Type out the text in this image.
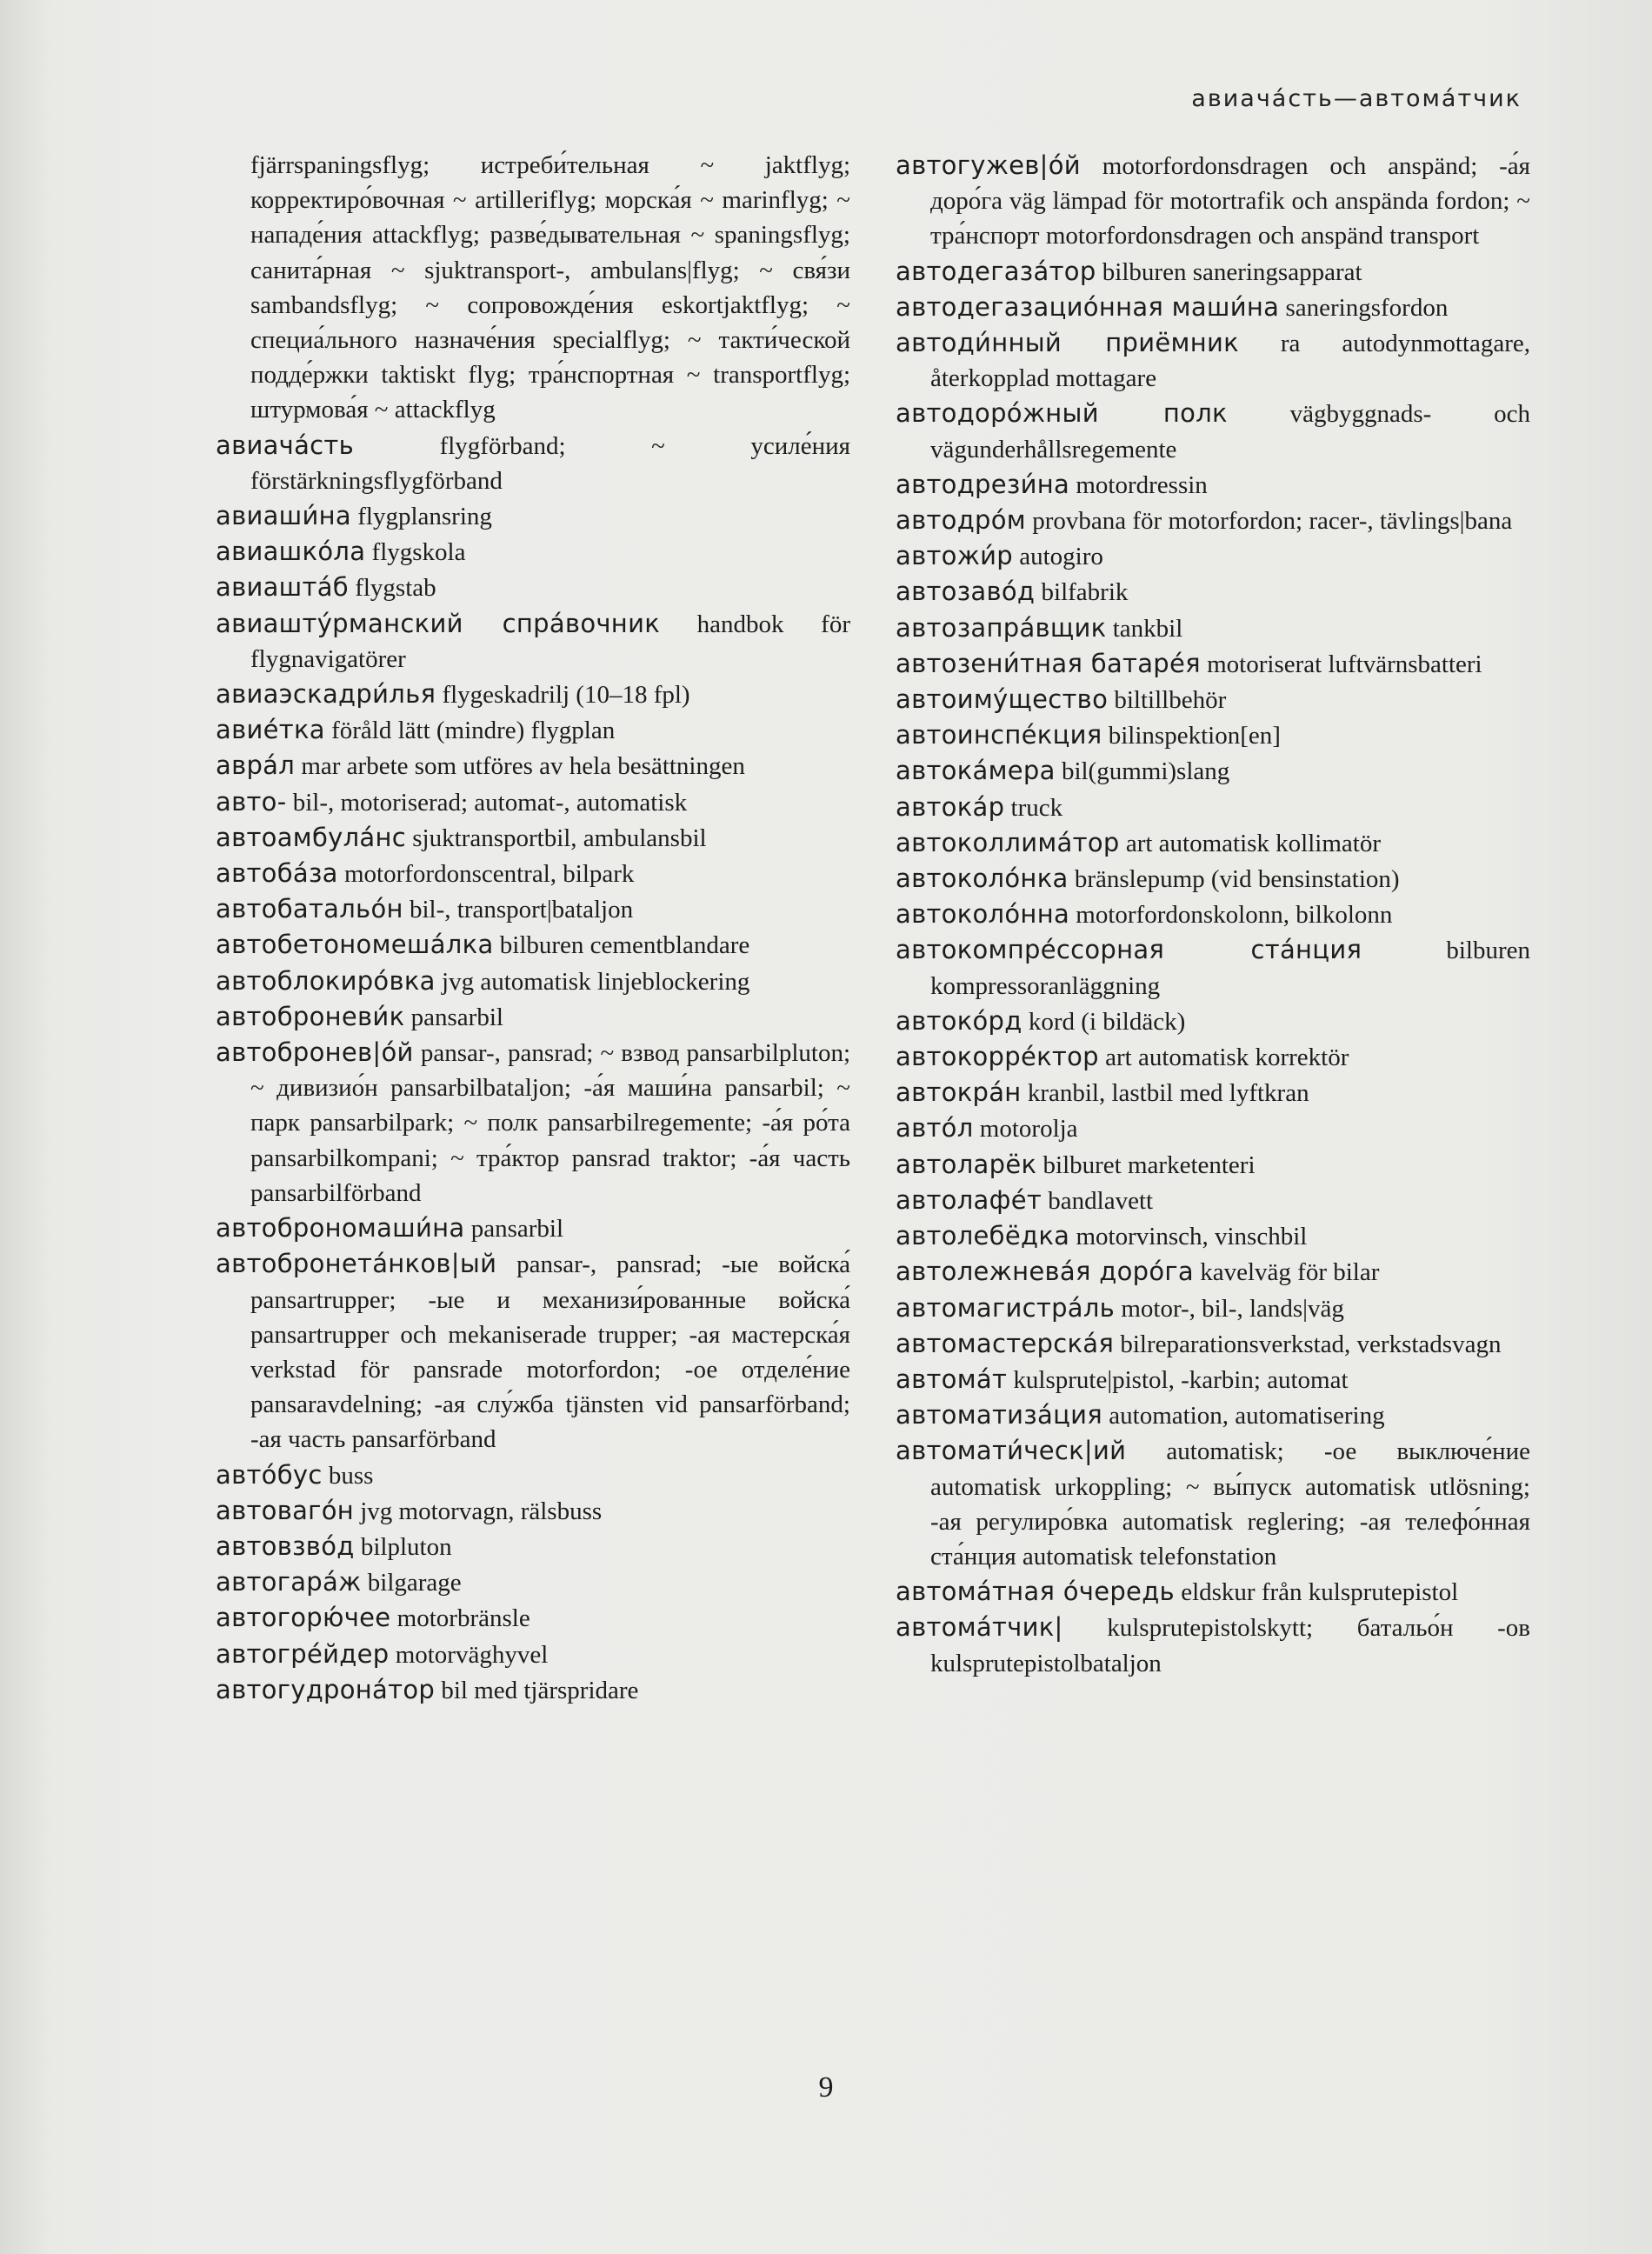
авиачáсть—автомáтчик

fjärrspaningsflyg; истреби́тельная ~ jaktflyg; корректиро́вочная ~ artilleriflyg; морска́я ~ marinflyg; ~ нападе́ния attackflyg; разве́дывательная ~ spaningsflyg; санита́рная ~ sjuktransport-, ambulans|flyg; ~ свя́зи sambandsflyg; ~ сопровожде́ния eskortjaktflyg; ~ специа́льного назначе́ния specialflyg; ~ такти́ческой подде́ржки taktiskt flyg; тра́нспортная ~ transportflyg; штурмова́я ~ attackflyg

авиача́сть flygförband; ~ усиле́ния förstärkningsflygförband

авиаши́на flygplansring

авиашко́ла flygskola

авиашта́б flygstab

авиашту́рманский спра́вочник handbok för flygnavigatörer

авиаэскадри́лья flygeskadrilj (10–18 fpl)

авие́тка föråld lätt (mindre) flygplan

авра́л mar arbete som utföres av hela besättningen

авто- bil-, motoriserad; automat-, automatisk

автоамбула́нс sjuktransportbil, ambulansbil

автоба́за motorfordonscentral, bilpark

автобатальо́н bil-, transport|bataljon

автобетономеша́лка bilburen cementblandare

автоблокиро́вка jvg automatisk linjeblockering

автоброневи́к pansarbil

автобронев|о́й pansar-, pansrad; ~ взвод pansarbilpluton; ~ дивизио́н pansarbilbataljon; -а́я маши́на pansarbil; ~ парк pansarbilpark; ~ полк pansarbilregemente; -а́я ро́та pansarbilkompani; ~ тра́ктор pansrad traktor; -а́я часть pansarbilförband

автоброномаши́на pansarbil

автобронета́нков|ый pansar-, pansrad; -ые войска́ pansartrupper; -ые и механизи́рованные войска́ pansartrupper och mekaniserade trupper; -ая мастерска́я verkstad för pansrade motorfordon; -ое отделе́ние pansaravdelning; -ая слу́жба tjänsten vid pansarförband; -ая часть pansarförband

авто́бус buss

автоваго́н jvg motorvagn, rälsbuss

автовзво́д bilpluton

автогара́ж bilgarage

автогорю́чее motorbränsle

автогре́йдер motorväghyvel

автогудрона́тор bil med tjärspridare

автогужев|о́й motorfordonsdragen och anspänd; -а́я доро́га väg lämpad för motortrafik och anspända fordon; ~ тра́нспорт motorfordonsdragen och anspänd transport

автодегаза́тор bilburen saneringsapparat

автодегазацио́нная маши́на saneringsfordon

автоди́нный приёмник ra autodynmottagare, återkopplad mottagare

автодоро́жный полк vägbyggnads- och vägunderhållsregemente

автодрези́на motordressin

автодро́м provbana för motorfordon; racer-, tävlings|bana

автожи́р autogiro

автозаво́д bilfabrik

автозапра́вщик tankbil

автозени́тная батаре́я motoriserat luftvärnsbatteri

автоиму́щество biltillbehör

автоинспе́кция bilinspektion[en]

автока́мера bil(gummi)slang

автока́р truck

автоколлима́тор art automatisk kollimatör

автоколо́нка bränslepump (vid bensinstation)

автоколо́нна motorfordonskolonn, bilkolonn

автокомпре́ссорная ста́нция bilburen kompressoranläggning

автоко́рд kord (i bildäck)

автокорре́ктор art automatisk korrektör

автокра́н kranbil, lastbil med lyftkran

авто́л motorolja

автоларёк bilburet marketenteri

автолафе́т bandlavett

автолебёдка motorvinsch, vinschbil

автолежнева́я доро́га kavelväg för bilar

автомагистра́ль motor-, bil-, lands|väg

автомастерска́я bilreparationsverkstad, verkstadsvagn

автома́т kulsprute|pistol, -karbin; automat

автоматиза́ция automation, automatisering

автомати́ческ|ий automatisk; -ое выключе́ние automatisk urkoppling; ~ вы́пуск automatisk utlösning; -ая регулиро́вка automatisk reglering; -ая телефо́нная ста́нция automatisk telefonstation

автома́тная о́чередь eldskur från kulsprutepistol

автома́тчик| kulsprutepistolskytt; батальо́н -ов kulsprutepistolbataljon

9
